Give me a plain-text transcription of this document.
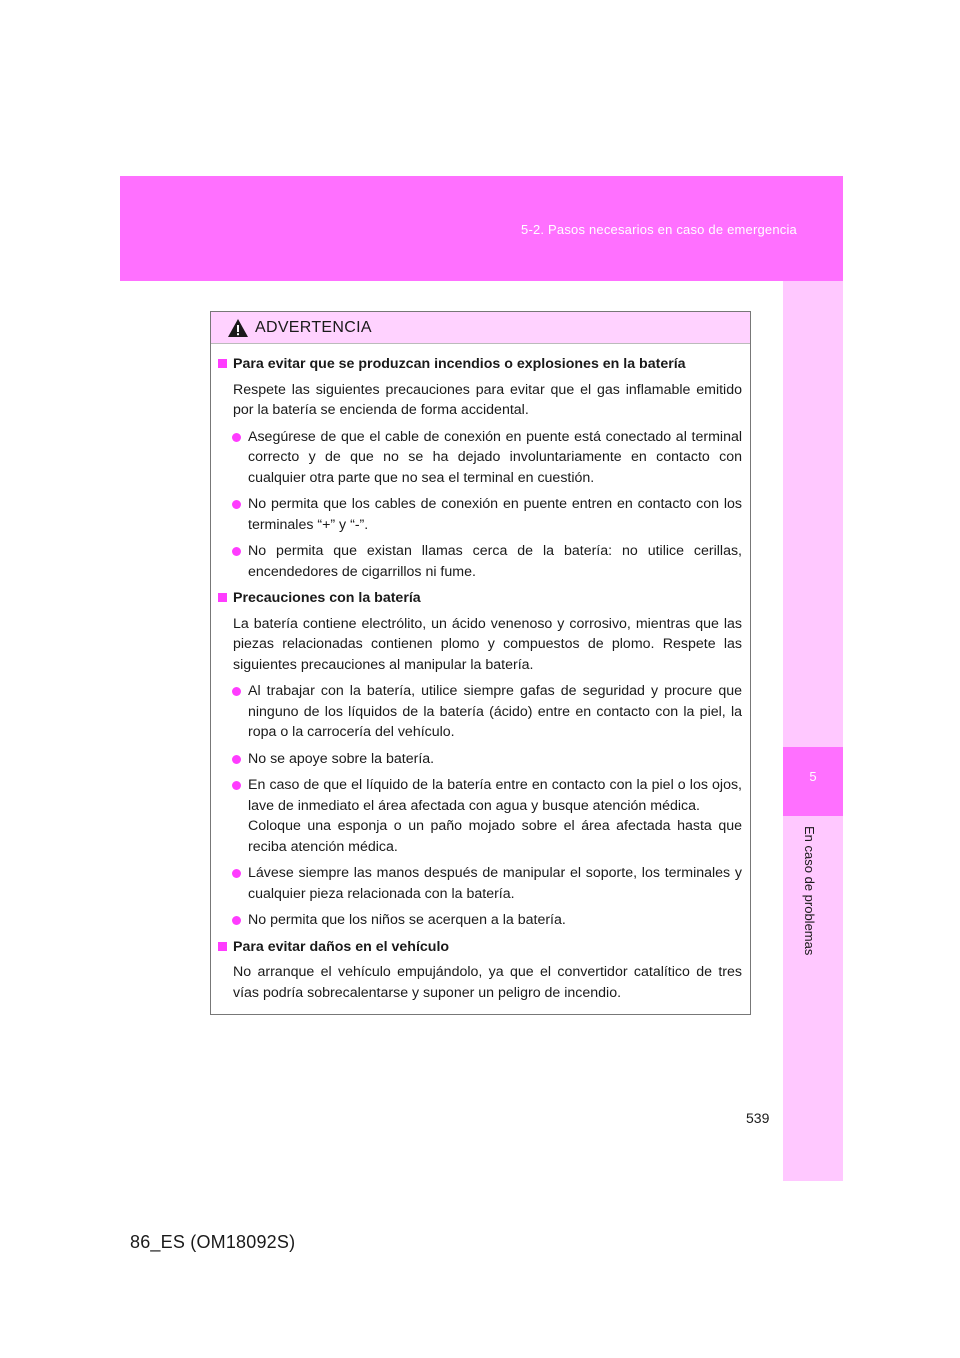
5-2. Pasos necesarios en caso de emergencia
5
En caso de problemas
ADVERTENCIA
Para evitar que se produzcan incendios o explosiones en la batería
Respete las siguientes precauciones para evitar que el gas inflamable emitido por la batería se encienda de forma accidental.
Asegúrese de que el cable de conexión en puente está conectado al terminal correcto y de que no se ha dejado involuntariamente en contacto con cualquier otra parte que no sea el terminal en cuestión.
No permita que los cables de conexión en puente entren en contacto con los terminales “+” y “-”.
No permita que existan llamas cerca de la batería: no utilice cerillas, encendedores de cigarrillos ni fume.
Precauciones con la batería
La batería contiene electrólito, un ácido venenoso y corrosivo, mientras que las piezas relacionadas contienen plomo y compuestos de plomo. Respete las siguientes precauciones al manipular la batería.
Al trabajar con la batería, utilice siempre gafas de seguridad y procure que ninguno de los líquidos de la batería (ácido) entre en contacto con la piel, la ropa o la carrocería del vehículo.
No se apoye sobre la batería.
En caso de que el líquido de la batería entre en contacto con la piel o los ojos, lave de inmediato el área afectada con agua y busque atención médica.
Coloque una esponja o un paño mojado sobre el área afectada hasta que reciba atención médica.
Lávese siempre las manos después de manipular el soporte, los terminales y cualquier pieza relacionada con la batería.
No permita que los niños se acerquen a la batería.
Para evitar daños en el vehículo
No arranque el vehículo empujándolo, ya que el convertidor catalítico de tres vías podría sobrecalentarse y suponer un peligro de incendio.
539
86_ES (OM18092S)
